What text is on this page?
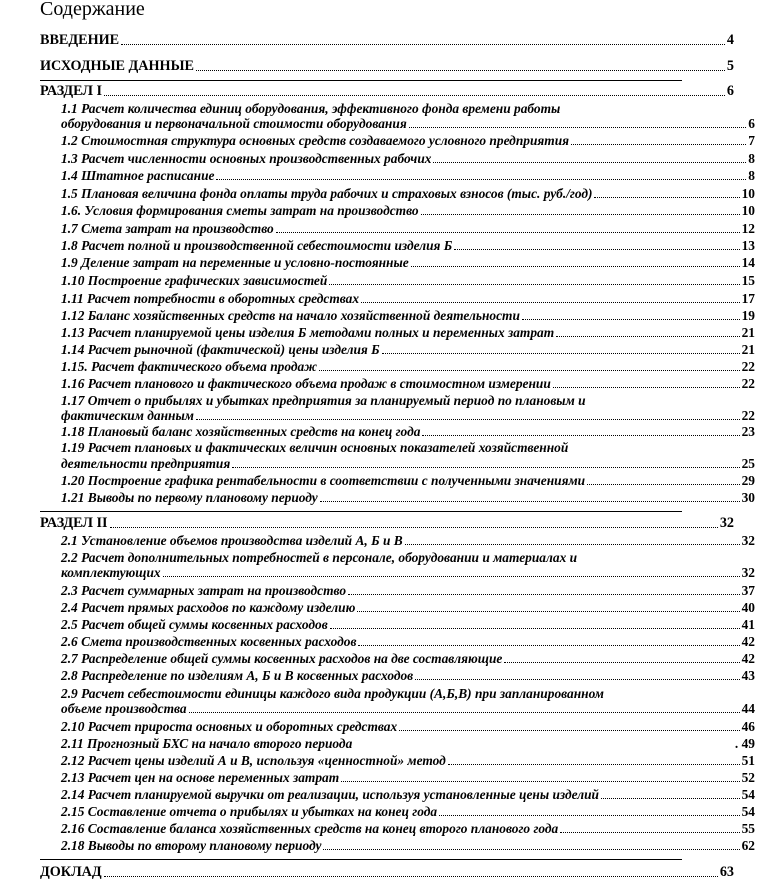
Содержание
ВВЕДЕНИЕ	4
ИСХОДНЫЕ ДАННЫЕ	5
РАЗДЕЛ I	6
1.1 Расчет количества единиц оборудования, эффективного фонда времени работы
оборудования и первоначальной стоимости оборудования	6
1.2 Стоимостная структура основных средств создаваемого условного предприятия	7
1.3 Расчет численности основных производственных рабочих	8
1.4 Штатное расписание	8
1.5 Плановая величина фонда оплаты труда рабочих и страховых взносов (тыс. руб./год)	10
1.6. Условия формирования сметы затрат на производство	10
1.7 Смета затрат на производство	12
1.8 Расчет полной и производственной себестоимости изделия Б	13
1.9 Деление затрат на переменные и условно-постоянные	14
1.10 Построение графических зависимостей	15
1.11 Расчет потребности в оборотных средствах	17
1.12 Баланс хозяйственных средств на начало хозяйственной деятельности	19
1.13 Расчет планируемой цены изделия Б методами полных и переменных затрат	21
1.14 Расчет рыночной (фактической) цены изделия Б	21
1.15. Расчет фактического объема продаж	22
1.16 Расчет планового и фактического объема продаж в стоимостном измерении	22
1.17 Отчет о прибылях и убытках предприятия за планируемый период по плановым и
фактическим данным	22
1.18 Плановый баланс хозяйственных средств на конец года	23
1.19 Расчет плановых и фактических величин основных показателей хозяйственной
деятельности предприятия	25
1.20 Построение графика рентабельности в соответствии с полученными значениями	29
1.21 Выводы по первому плановому периоду	30
РАЗДЕЛ II	32
2.1 Установление объемов производства изделий А, Б и В	32
2.2 Расчет дополнительных потребностей в персонале, оборудовании и материалах и
комплектующих	32
2.3 Расчет суммарных затрат на производство	37
2.4 Расчет прямых расходов по каждому изделию	40
2.5 Расчет общей суммы косвенных расходов	41
2.6 Смета производственных косвенных расходов	42
2.7 Распределение общей суммы косвенных расходов на две составляющие	42
2.8 Распределение по изделиям А, Б и В косвенных расходов	43
2.9 Расчет себестоимости единицы каждого вида продукции (А,Б,В) при запланированном
объеме производства	44
2.10 Расчет прироста основных и оборотных средствах	46
2.11 Прогнозный БХС на начало второго периода	. 49
2.12 Расчет цены изделий А и В, используя «ценностной» метод	51
2.13 Расчет цен на основе переменных затрат	52
2.14 Расчет планируемой выручки от реализации, используя установленные цены изделий	54
2.15 Составление отчета о прибылях и убытках на конец года	54
2.16 Составление баланса хозяйственных средств на конец второго планового года	55
2.18 Выводы по второму плановому периоду	62
ДОКЛАД	63
